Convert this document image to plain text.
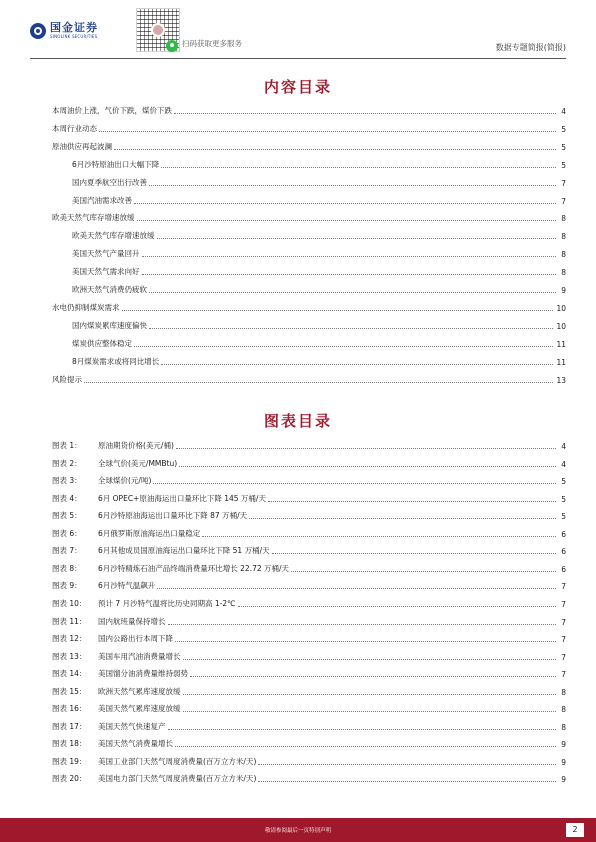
国金证券
SINOLINK SECURITIES
扫码获取更多服务	数据专题简报(简报)
内容目录
本周油价上涨，气价下跌，煤价下跌	4
本周行业动态	5
原油供应再起波澜	5
6月沙特原油出口大幅下降	5
国内夏季航空出行改善	7
美国汽油需求改善	7
欧美天然气库存增速放缓	8
欧美天然气库存增速放缓	8
美国天然气产量回升	8
美国天然气需求向好	8
欧洲天然气消费仍疲软	9
水电仍抑制煤炭需求	10
国内煤炭累库速度偏快	10
煤炭供应整体稳定	11
8月煤炭需求或将同比增长	11
风险提示	13
图表目录
图表 1：	原油期货价格(美元/桶)	4
图表 2：	全球气价(美元/MMBtu)	4
图表 3：	全球煤价(元/吨)	5
图表 4：	6月 OPEC+原油海运出口量环比下降 145 万桶/天	5
图表 5：	6月沙特原油海运出口量环比下降 87 万桶/天	5
图表 6：	6月俄罗斯原油海运出口量稳定	6
图表 7：	6月其他成员国原油海运出口量环比下降 51 万桶/天	6
图表 8：	6月沙特精炼石油产品终端消费量环比增长 22.72 万桶/天	6
图表 9：	6月沙特气温飙升	7
图表 10：	预计 7 月沙特气温将比历史同期高 1-2℃	7
图表 11：	国内航班量保持增长	7
图表 12：	国内公路出行本周下降	7
图表 13：	美国车用汽油消费量增长	7
图表 14：	美国馏分油消费量维持弱势	7
图表 15：	欧洲天然气累库速度放缓	8
图表 16：	美国天然气累库速度放缓	8
图表 17：	美国天然气快速复产	8
图表 18：	美国天然气消费量增长	9
图表 19：	美国工业部门天然气周度消费量(百万立方米/天)	9
图表 20：	美国电力部门天然气周度消费量(百万立方米/天)	9
敬请参阅最后一页特别声明	2
